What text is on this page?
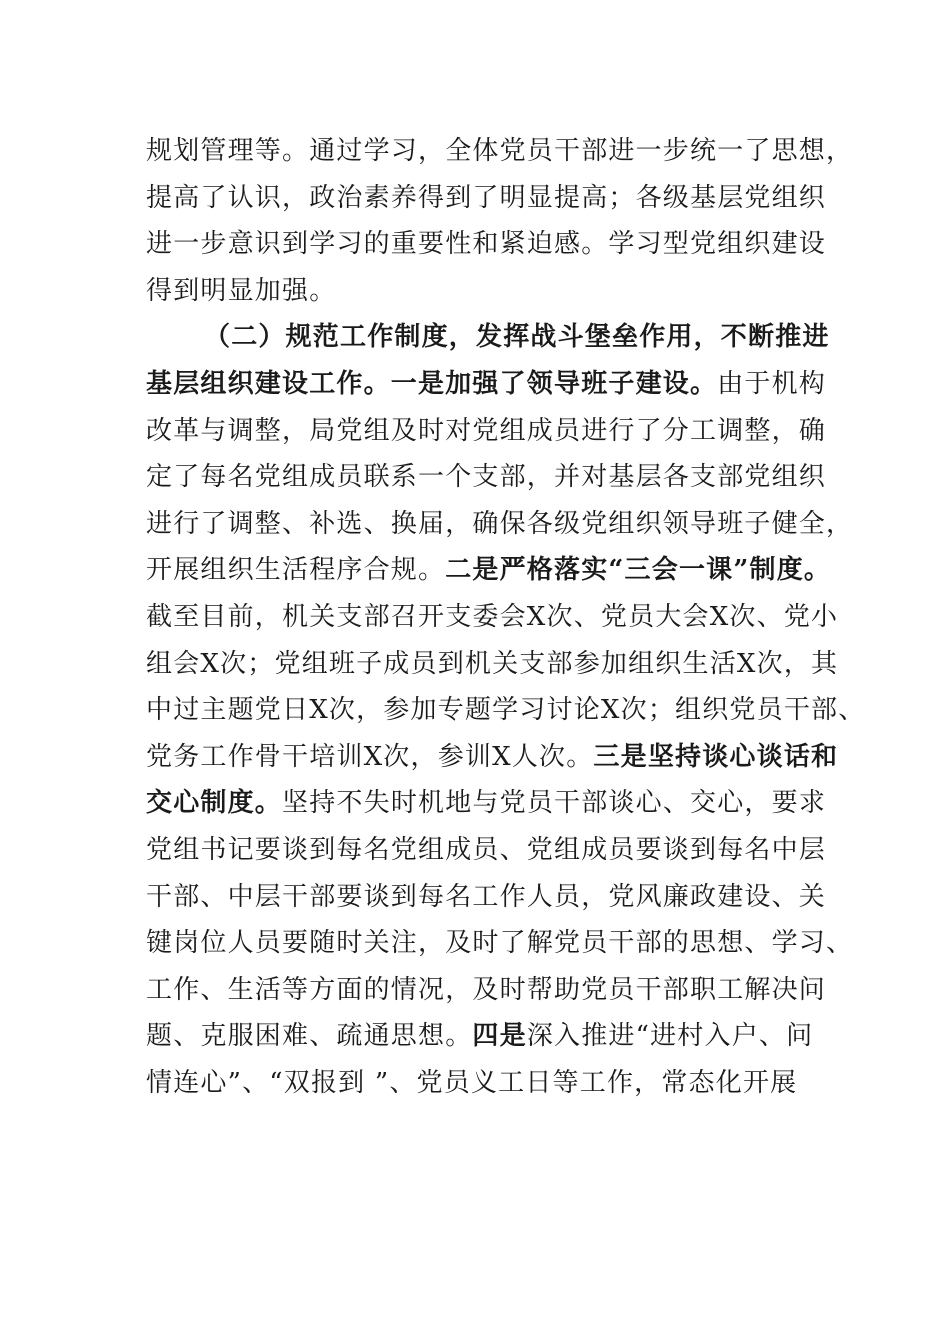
规划管理等。通过学习，全体党员干部进一步统一了思想，
提高了认识，政治素养得到了明显提高；各级基层党组织
进一步意识到学习的重要性和紧迫感。学习型党组织建设
得到明显加强。
（二）规范工作制度，发挥战斗堡垒作用，不断推进
基层组织建设工作。一是加强了领导班子建设。由于机构
改革与调整，局党组及时对党组成员进行了分工调整，确
定了每名党组成员联系一个支部，并对基层各支部党组织
进行了调整、补选、换届，确保各级党组织领导班子健全，
开展组织生活程序合规。二是严格落实“三会一课”制度。
截至目前，机关支部召开支委会X次、党员大会X次、党小
组会X次；党组班子成员到机关支部参加组织生活X次，其
中过主题党日X次，参加专题学习讨论X次；组织党员干部、
党务工作骨干培训X次，参训X人次。三是坚持谈心谈话和
交心制度。坚持不失时机地与党员干部谈心、交心，要求
党组书记要谈到每名党组成员、党组成员要谈到每名中层
干部、中层干部要谈到每名工作人员，党风廉政建设、关
键岗位人员要随时关注，及时了解党员干部的思想、学习、
工作、生活等方面的情况，及时帮助党员干部职工解决问
题、克服困难、疏通思想。四是深入推进“进村入户、问
情连心”、“双报到 ”、党员义工日等工作，常态化开展
